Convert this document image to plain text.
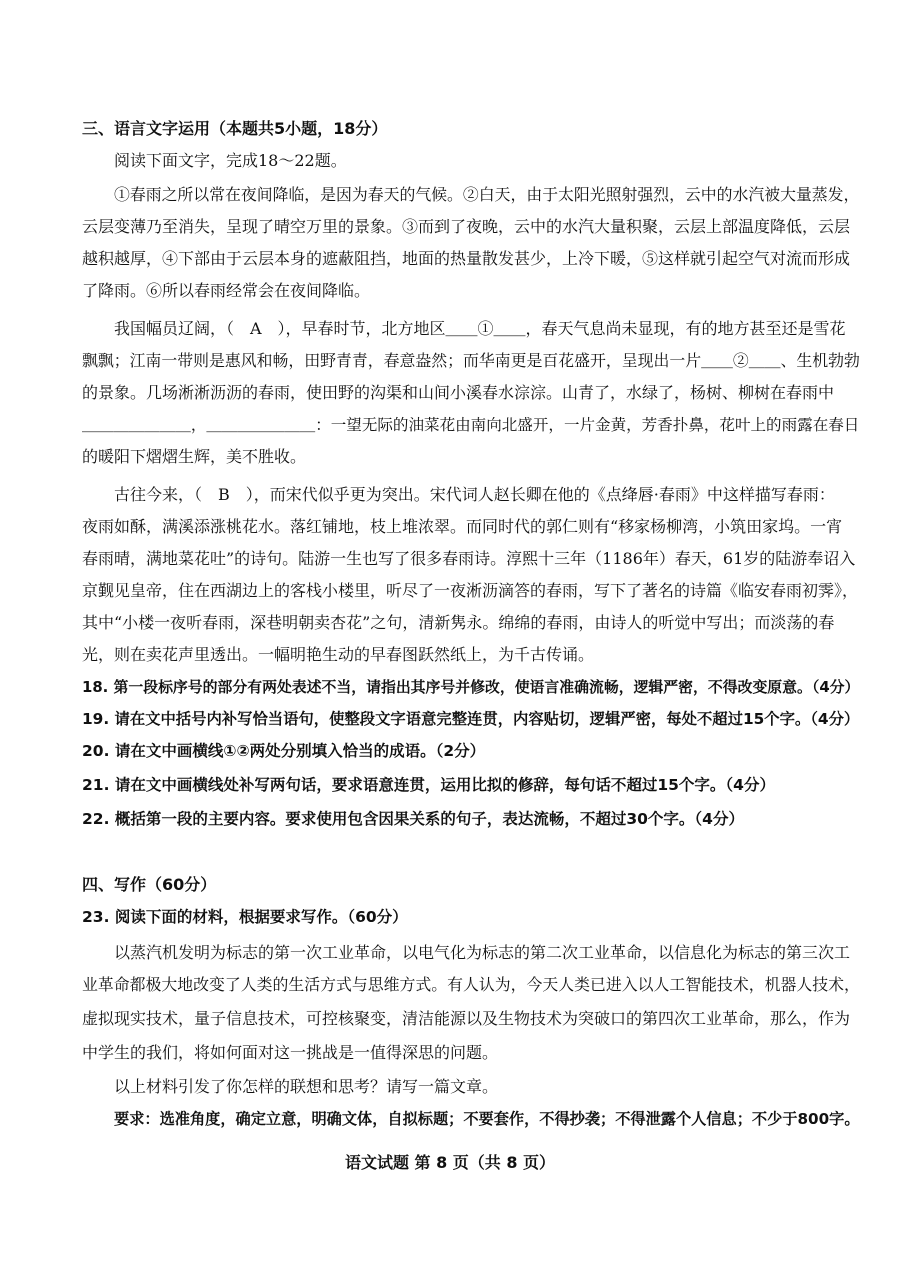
三、语言文字运用（本题共5小题，18分）
阅读下面文字，完成18～22题。
①春雨之所以常在夜间降临，是因为春天的气候。②白天，由于太阳光照射强烈，云中的水汽被大量蒸发，
云层变薄乃至消失，呈现了晴空万里的景象。③而到了夜晚，云中的水汽大量积聚，云层上部温度降低，云层
越积越厚，④下部由于云层本身的遮蔽阻挡，地面的热量散发甚少，上冷下暖，⑤这样就引起空气对流而形成
了降雨。⑥所以春雨经常会在夜间降临。
我国幅员辽阔，（　A　），早春时节，北方地区＿＿①＿＿，春天气息尚未显现，有的地方甚至还是雪花
飘飘；江南一带则是惠风和畅，田野青青，春意盎然；而华南更是百花盛开，呈现出一片＿＿②＿＿、生机勃勃
的景象。几场淅淅沥沥的春雨，使田野的沟渠和山间小溪春水淙淙。山青了，水绿了，杨树、柳树在春雨中
＿＿＿＿＿＿＿，＿＿＿＿＿＿＿：一望无际的油菜花由南向北盛开，一片金黄，芳香扑鼻，花叶上的雨露在春日
的暖阳下熠熠生辉，美不胜收。
古往今来，（　B　），而宋代似乎更为突出。宋代词人赵长卿在他的《点绛唇·春雨》中这样描写春雨：
夜雨如酥，满溪添涨桃花水。落红铺地，枝上堆浓翠。而同时代的郭仁则有“移家杨柳湾，小筑田家坞。一宵
春雨晴，满地菜花吐”的诗句。陆游一生也写了很多春雨诗。淳熙十三年（1186年）春天，61岁的陆游奉诏入
京觐见皇帝，住在西湖边上的客栈小楼里，听尽了一夜淅沥滴答的春雨，写下了著名的诗篇《临安春雨初霁》，
其中“小楼一夜听春雨，深巷明朝卖杏花”之句，清新隽永。绵绵的春雨，由诗人的听觉中写出；而淡荡的春
光，则在卖花声里透出。一幅明艳生动的早春图跃然纸上，为千古传诵。
18. 第一段标序号的部分有两处表述不当，请指出其序号并修改，使语言准确流畅，逻辑严密，不得改变原意。（4分）
19. 请在文中括号内补写恰当语句，使整段文字语意完整连贯，内容贴切，逻辑严密，每处不超过15个字。（4分）
20. 请在文中画横线①②两处分别填入恰当的成语。（2分）
21. 请在文中画横线处补写两句话，要求语意连贯，运用比拟的修辞，每句话不超过15个字。（4分）
22. 概括第一段的主要内容。要求使用包含因果关系的句子，表达流畅，不超过30个字。（4分）
四、写作（60分）
23. 阅读下面的材料，根据要求写作。（60分）
以蒸汽机发明为标志的第一次工业革命，以电气化为标志的第二次工业革命，以信息化为标志的第三次工
业革命都极大地改变了人类的生活方式与思维方式。有人认为，今天人类已进入以人工智能技术，机器人技术，
虚拟现实技术，量子信息技术，可控核聚变，清洁能源以及生物技术为突破口的第四次工业革命，那么，作为
中学生的我们，将如何面对这一挑战是一值得深思的问题。
以上材料引发了你怎样的联想和思考？请写一篇文章。
要求：选准角度，确定立意，明确文体，自拟标题；不要套作，不得抄袭；不得泄露个人信息；不少于800字。
语文试题 第 8 页（共 8 页）
